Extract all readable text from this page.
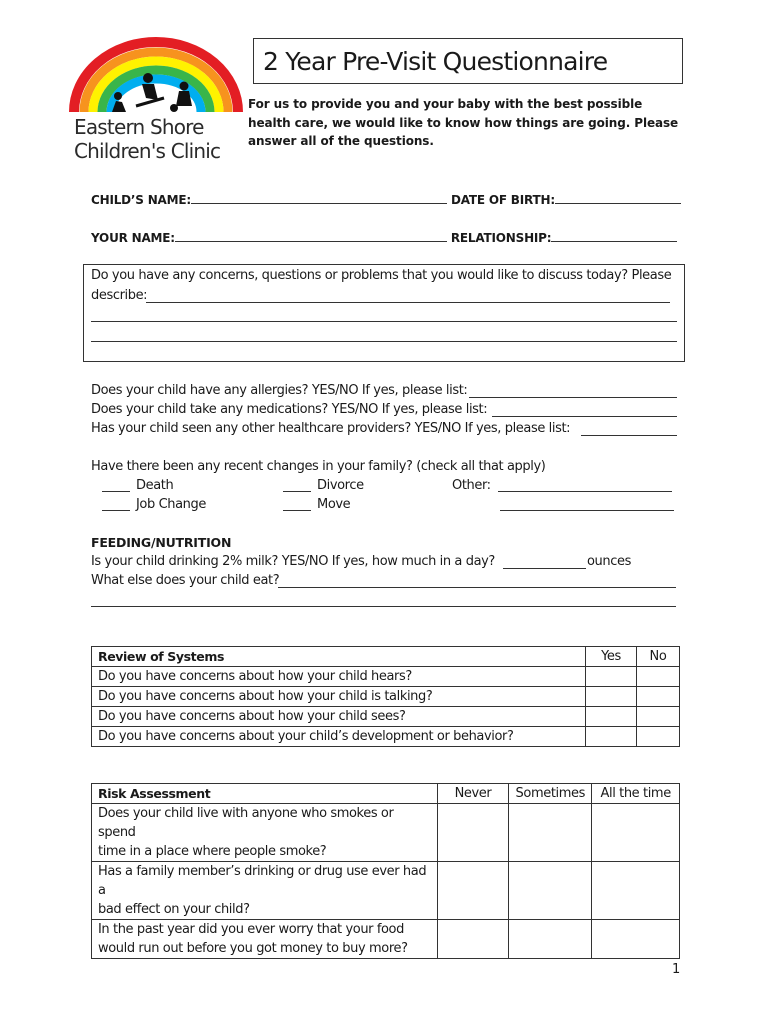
Eastern Shore
Children's Clinic
2 Year Pre-Visit Questionnaire
For us to provide you and your baby with the best possible health care, we would like to know how things are going. Please answer all of the questions.
CHILD’S NAME:	DATE OF BIRTH:
YOUR NAME:	RELATIONSHIP:
Do you have any concerns, questions or problems that you would like to discuss today? Please
describe:
Does your child have any allergies? YES/NO If yes, please list:
Does your child take any medications? YES/NO If yes, please list:
Has your child seen any other healthcare providers? YES/NO If yes, please list:
Have there been any recent changes in your family? (check all that apply)
Death	Divorce	Other:
Job Change	Move
FEEDING/NUTRITION
Is your child drinking 2% milk? YES/NO If yes, how much in a day?	ounces
What else does your child eat?
Review of Systems	Yes	No
Do you have concerns about how your child hears?		
Do you have concerns about how your child is talking?		
Do you have concerns about how your child sees?		
Do you have concerns about your child’s development or behavior?		
Risk Assessment	Never	Sometimes	All the time
Does your child live with anyone who smokes or spend
time in a place where people smoke?			
Has a family member’s drinking or drug use ever had a
bad effect on your child?			
In the past year did you ever worry that your food
would run out before you got money to buy more?			
1
